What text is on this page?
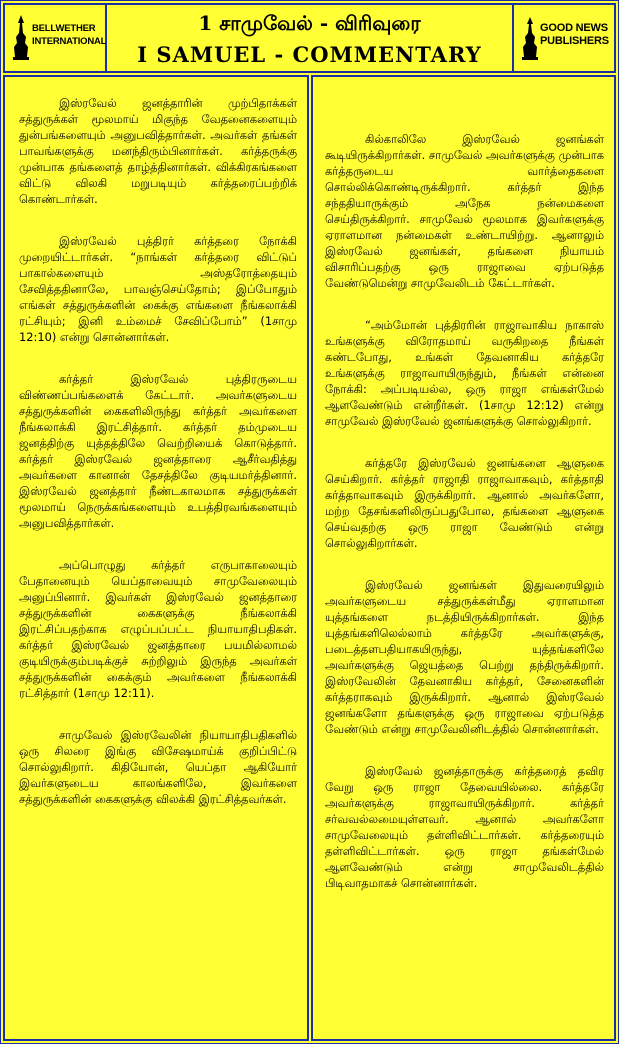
BELLWETHER
INTERNATIONAL
1 சாமுவேல் - விரிவுரை
I SAMUEL - COMMENTARY
GOOD NEWS
PUBLISHERS

இஸ்ரவேல் ஜனத்தாரின் முற்பிதாக்கள் சத்துருக்கள் மூலமாய் மிகுந்த வேதனைகளையும் துன்பங்களையும் அனுபவித்தார்கள். அவர்கள் தங்கள் பாவங்களுக்கு மனந்திரும்பினார்கள். கர்த்தருக்கு முன்பாக தங்களைத் தாழ்த்தினார்கள். விக்கிரகங்களை விட்டு விலகி மறுபடியும் கர்த்தரைப்பற்றிக் கொண்டார்கள்.

இஸ்ரவேல் புத்திரர் கர்த்தரை நோக்கி முறையிட்டார்கள். “நாங்கள் கர்த்தரை விட்டுப் பாகால்களையும் அஸ்தரோத்தையும் சேவித்ததினாலே, பாவஞ்செய்தோம்; இப்போதும் எங்கள் சத்துருக்களின் கைக்கு எங்களை நீங்கலாக்கி ரட்சியும்; இனி உம்மைச் சேவிப்போம்” (1சாமு 12:10) என்று சொன்னார்கள்.

கர்த்தர் இஸ்ரவேல் புத்திரருடைய விண்ணப்பங்களைக் கேட்டார். அவர்களுடைய சத்துருக்களின் கைகளிலிருந்து கர்த்தர் அவர்களை நீங்கலாக்கி இரட்சித்தார். கர்த்தர் தம்முடைய ஜனத்திற்கு யுத்தத்திலே வெற்றியைக் கொடுத்தார். கர்த்தர் இஸ்ரவேல் ஜனத்தாரை ஆசீர்வதித்து அவர்களை கானான் தேசத்திலே குடியமர்த்தினார். இஸ்ரவேல் ஜனத்தார் நீண்டகாலமாக சத்துருக்கள் மூலமாய் நெருக்கங்களையும் உபத்திரவங்களையும் அனுபவித்தார்கள்.

அப்பொழுது கர்த்தர் எருபாகாலையும் பேதானையும் யெப்தாவையும் சாமுவேலையும் அனுப்பினார். இவர்கள் இஸ்ரவேல் ஜனத்தாரை சத்துருக்களின் கைகளுக்கு நீங்கலாக்கி இரட்சிப்பதற்காக எழுப்பப்பட்ட நியாயாதிபதிகள். கர்த்தர் இஸ்ரவேல் ஜனத்தாரை பயமில்லாமல் குடியிருக்கும்படிக்குச் சுற்றிலும் இருந்த அவர்கள் சத்துருக்களின் கைக்கும் அவர்களை நீங்கலாக்கி ரட்சித்தார் (1சாமு 12:11).

சாமுவேல் இஸ்ரவேலின் நியாயாதிபதிகளில் ஒரு சிலரை இங்கு விசேஷமாய்க் குறிப்பிட்டு சொல்லுகிறார். கிதியோன், யெப்தா ஆகியோர் இவர்களுடைய காலங்களிலே, இவர்களை சத்துருக்களின் கைகளுக்கு விலக்கி இரட்சித்தவர்கள்.

கில்காலிலே இஸ்ரவேல் ஜனங்கள் கூடியிருக்கிறார்கள். சாமுவேல் அவர்களுக்கு முன்பாக கர்த்தருடைய வார்த்தைகளை சொல்லிக்கொண்டிருக்கிறார். கர்த்தர் இந்த சந்ததியாருக்கும் அநேக நன்மைகளை செய்திருக்கிறார். சாமுவேல் மூலமாக இவர்களுக்கு ஏராளமான நன்மைகள் உண்டாயிற்று. ஆனாலும் இஸ்ரவேல் ஜனங்கள், தங்களை நியாயம் விசாரிப்பதற்கு ஒரு ராஜாவை ஏற்படுத்த வேண்டுமென்று சாமுவேலிடம் கேட்டார்கள்.

“அம்மோன் புத்திரரின் ராஜாவாகிய நாகாஸ் உங்களுக்கு விரோதமாய் வருகிறதை நீங்கள் கண்டபோது, உங்கள் தேவனாகிய கர்த்தரே உங்களுக்கு ராஜாவாயிருந்தும், நீங்கள் என்னை நோக்கி: அப்படியல்ல, ஒரு ராஜா எங்கள்மேல் ஆளவேண்டும் என்றீர்கள். (1சாமு 12:12) என்று சாமுவேல் இஸ்ரவேல் ஜனங்களுக்கு சொல்லுகிறார்.

கர்த்தரே இஸ்ரவேல் ஜனங்களை ஆளுகை செய்கிறார். கர்த்தர் ராஜாதி ராஜாவாகவும், கர்த்தாதி கர்த்தாவாகவும் இருக்கிறார். ஆனால் அவர்களோ, மற்ற தேசங்களிலிருப்பதுபோல, தங்களை ஆளுகை செய்வதற்கு ஒரு ராஜா வேண்டும் என்று சொல்லுகிறார்கள்.

இஸ்ரவேல் ஜனங்கள் இதுவரையிலும் அவர்களுடைய சத்துருக்கள்மீது ஏராளமான யுத்தங்களை நடத்தியிருக்கிறார்கள். இந்த யுத்தங்களிலெல்லாம் கர்த்தரே அவர்களுக்கு, படைத்தளபதியாகயிருந்து, யுத்தங்களிலே அவர்களுக்கு ஜெயத்தை பெற்று தந்திருக்கிறார். இஸ்ரவேலின் தேவனாகிய கர்த்தர், சேனைகளின் கர்த்தராகவும் இருக்கிறார். ஆனால் இஸ்ரவேல் ஜனங்களோ தங்களுக்கு ஒரு ராஜாவை ஏற்படுத்த வேண்டும் என்று சாமுவேலினிடத்தில் சொன்னார்கள்.

இஸ்ரவேல் ஜனத்தாருக்கு கர்த்தரைத் தவிர வேறு ஒரு ராஜா தேவையில்லை. கர்த்தரே அவர்களுக்கு ராஜாவாயிருக்கிறார். கர்த்தர் சர்வவல்லமையுள்ளவர். ஆனால் அவர்களோ சாமுவேலையும் தள்ளிவிட்டார்கள். கர்த்தரையும் தள்ளிவிட்டார்கள். ஒரு ராஜா தங்கள்மேல் ஆளவேண்டும் என்று சாமுவேலிடத்தில் பிடிவாதமாகச் சொன்னார்கள்.
